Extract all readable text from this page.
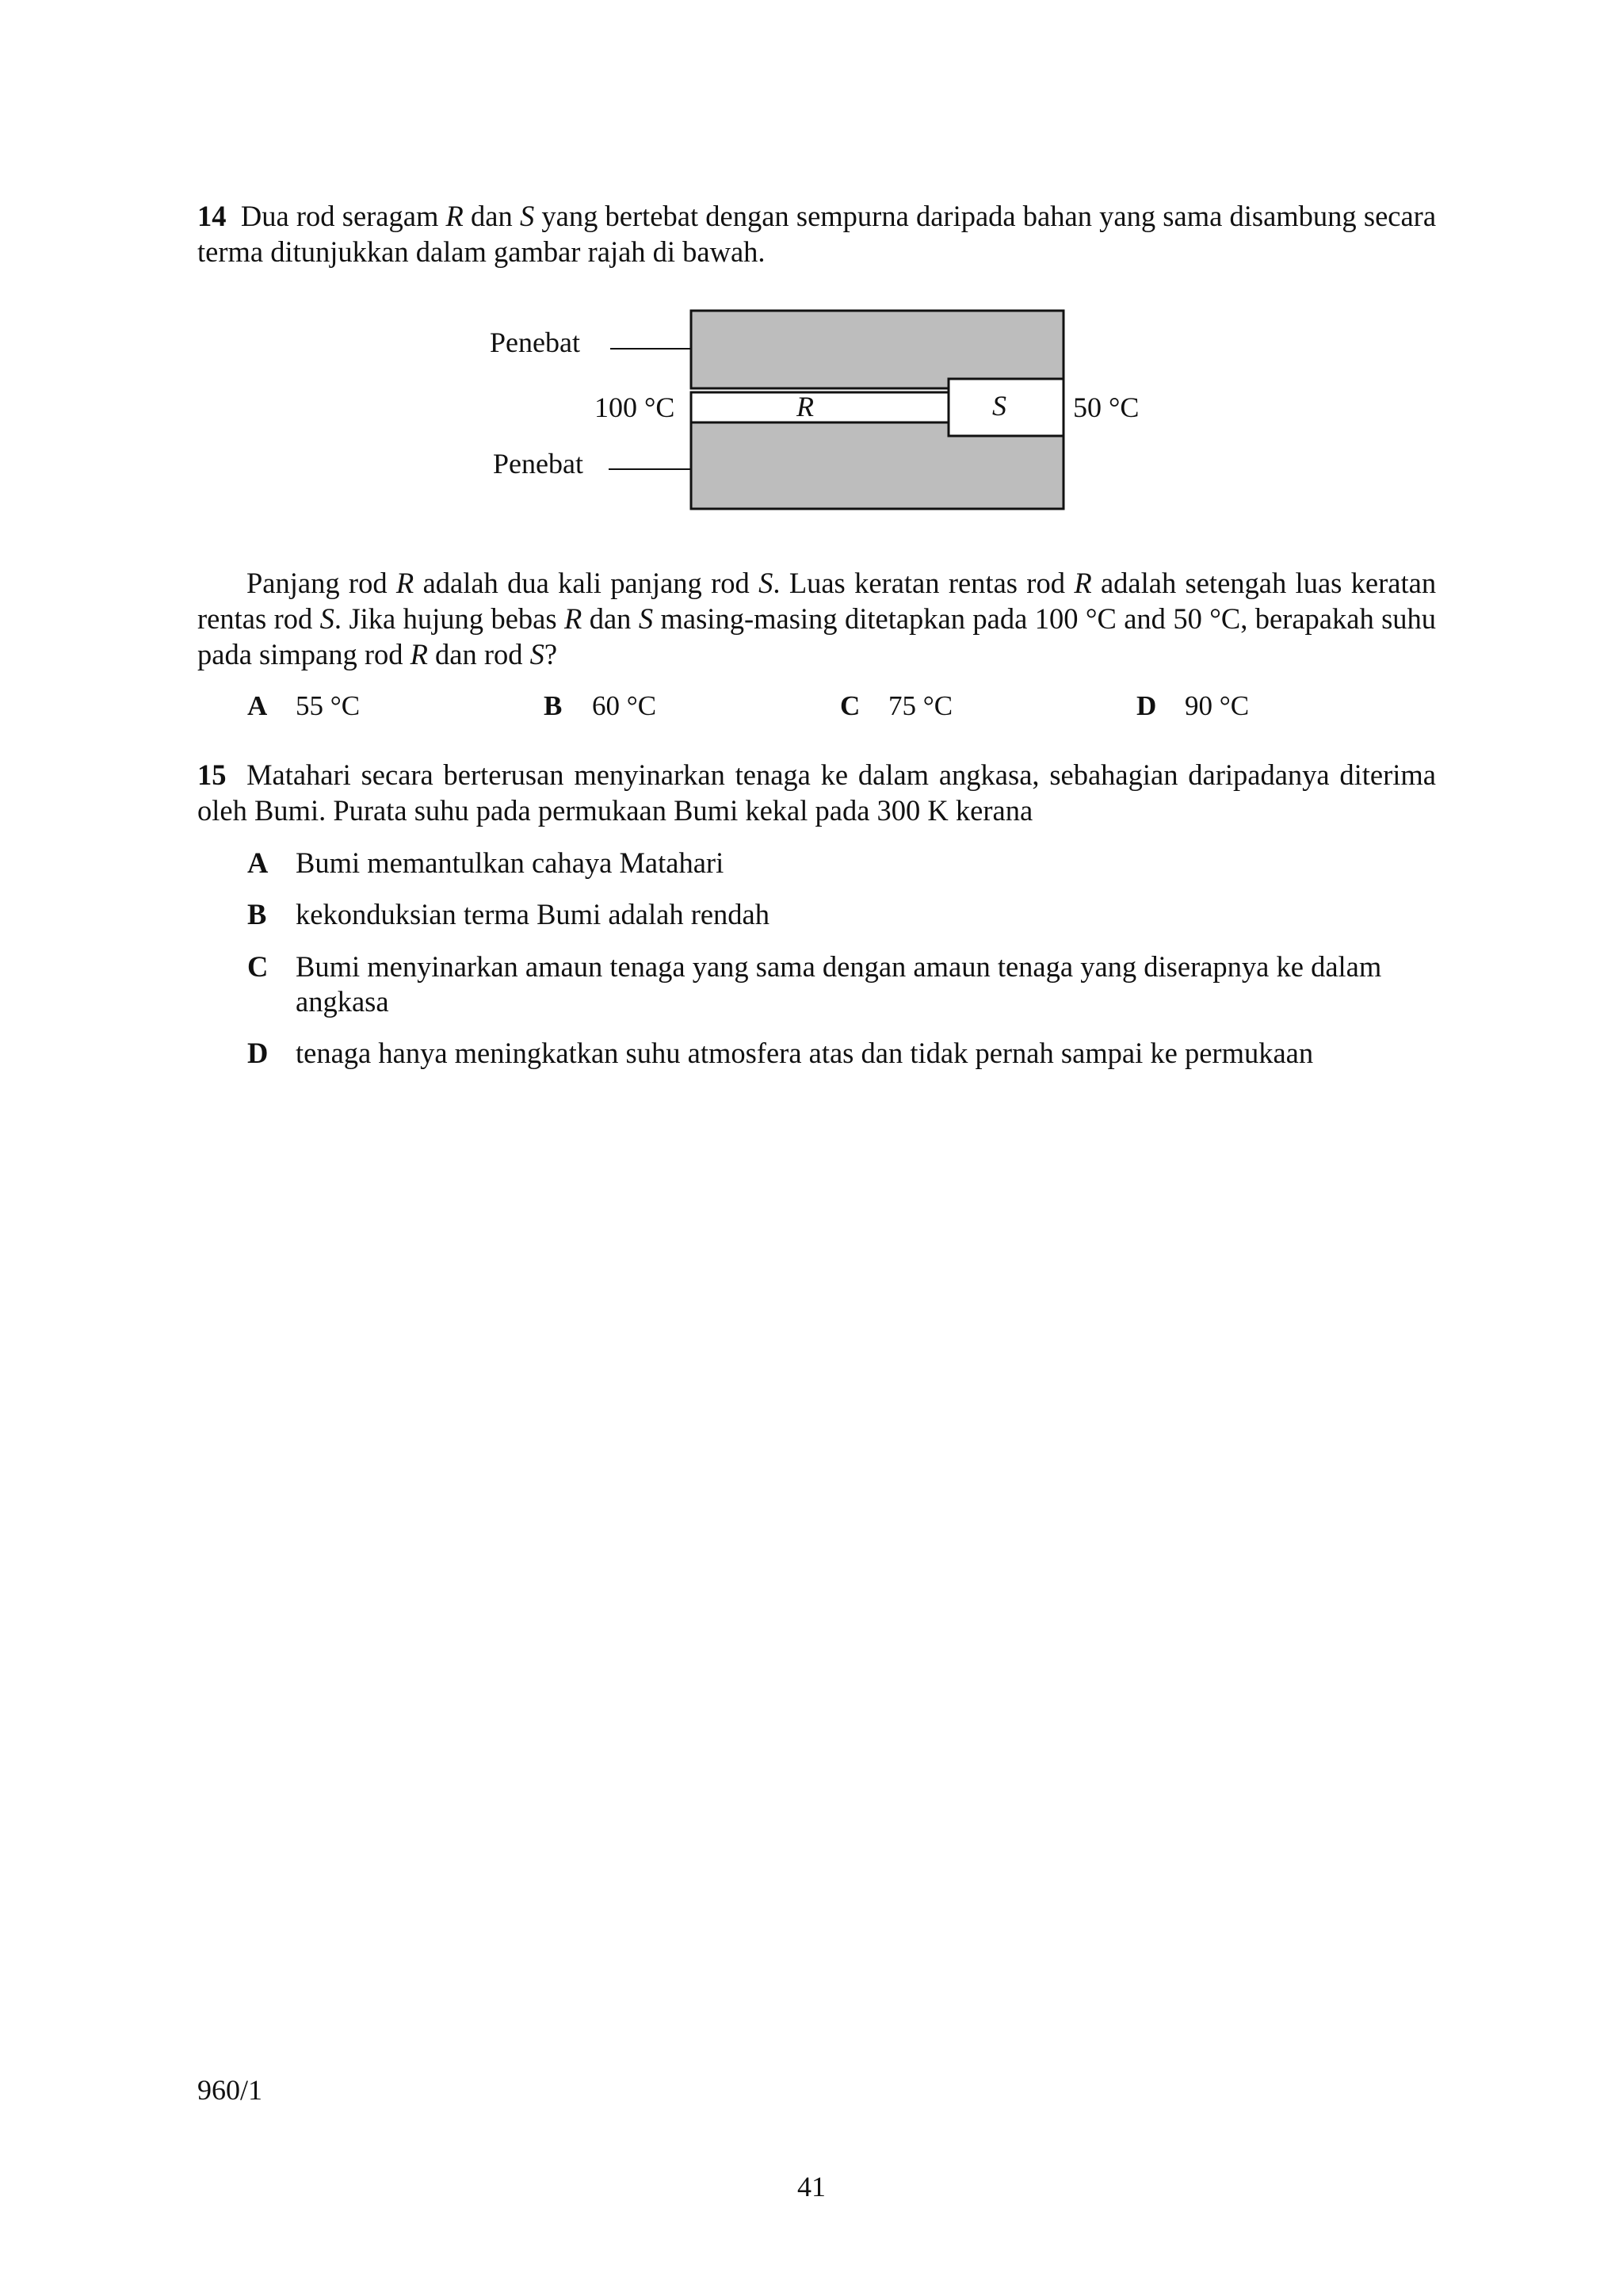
14 Dua rod seragam R dan S yang bertebat dengan sempurna daripada bahan yang sama disambung secara terma ditunjukkan dalam gambar rajah di bawah.

Penebat
Penebat
100 °C	50 °C
R	S

Panjang rod R adalah dua kali panjang rod S. Luas keratan rentas rod R adalah setengah luas keratan rentas rod S. Jika hujung bebas R dan S masing-masing ditetapkan pada 100 °C and 50 °C, berapakah suhu pada simpang rod R dan rod S?

A 55 °C	B 60 °C	C 75 °C	D 90 °C

15 Matahari secara berterusan menyinarkan tenaga ke dalam angkasa, sebahagian daripadanya diterima oleh Bumi. Purata suhu pada permukaan Bumi kekal pada 300 K kerana

A Bumi memantulkan cahaya Matahari
B kekonduksian terma Bumi adalah rendah
C Bumi menyinarkan amaun tenaga yang sama dengan amaun tenaga yang diserapnya ke dalam angkasa
D tenaga hanya meningkatkan suhu atmosfera atas dan tidak pernah sampai ke permukaan
960/1
41
